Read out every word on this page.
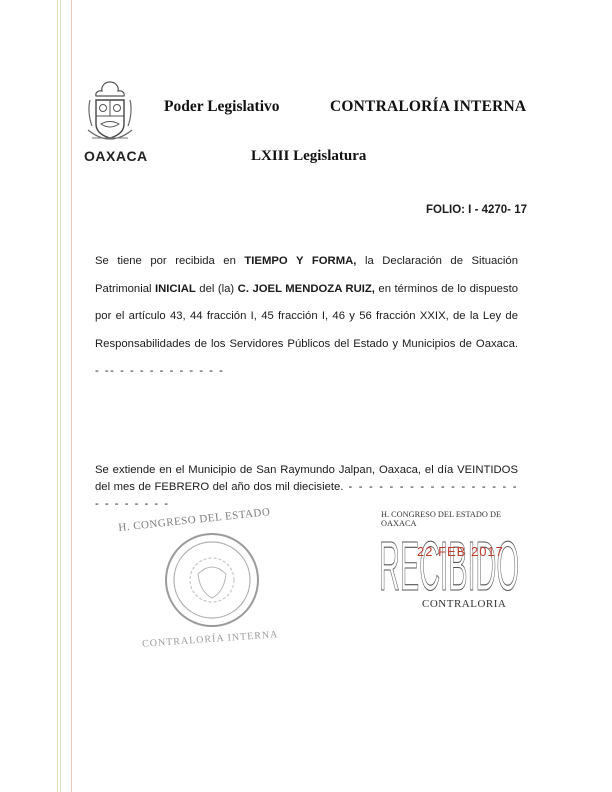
OAXACA
Poder Legislativo	CONTRALORÍA INTERNA
LXIII Legislatura
FOLIO: I - 4270- 17
Se tiene por recibida en TIEMPO Y FORMA, la Declaración de Situación Patrimonial INICIAL del (la) C. JOEL MENDOZA RUIZ, en términos de lo dispuesto por el artículo 43, 44 fracción I, 45 fracción I, 46 y 56 fracción XXIX, de la Ley de Responsabilidades de los Servidores Públicos del Estado y Municipios de Oaxaca. - -- - - - - - - - - - - -
Se extiende en el Municipio de San Raymundo Jalpan, Oaxaca, el día VEINTIDOS del mes de FEBRERO del año dos mil diecisiete. - - - - - - - - - - - - - - - - - - - - - - - - -
H. CONGRESO DEL ESTADO
CONTRALORÍA INTERNA
H. CONGRESO DEL ESTADO DE OAXACA
RECIBIDO
22 FEB 2017
CONTRALORIA
